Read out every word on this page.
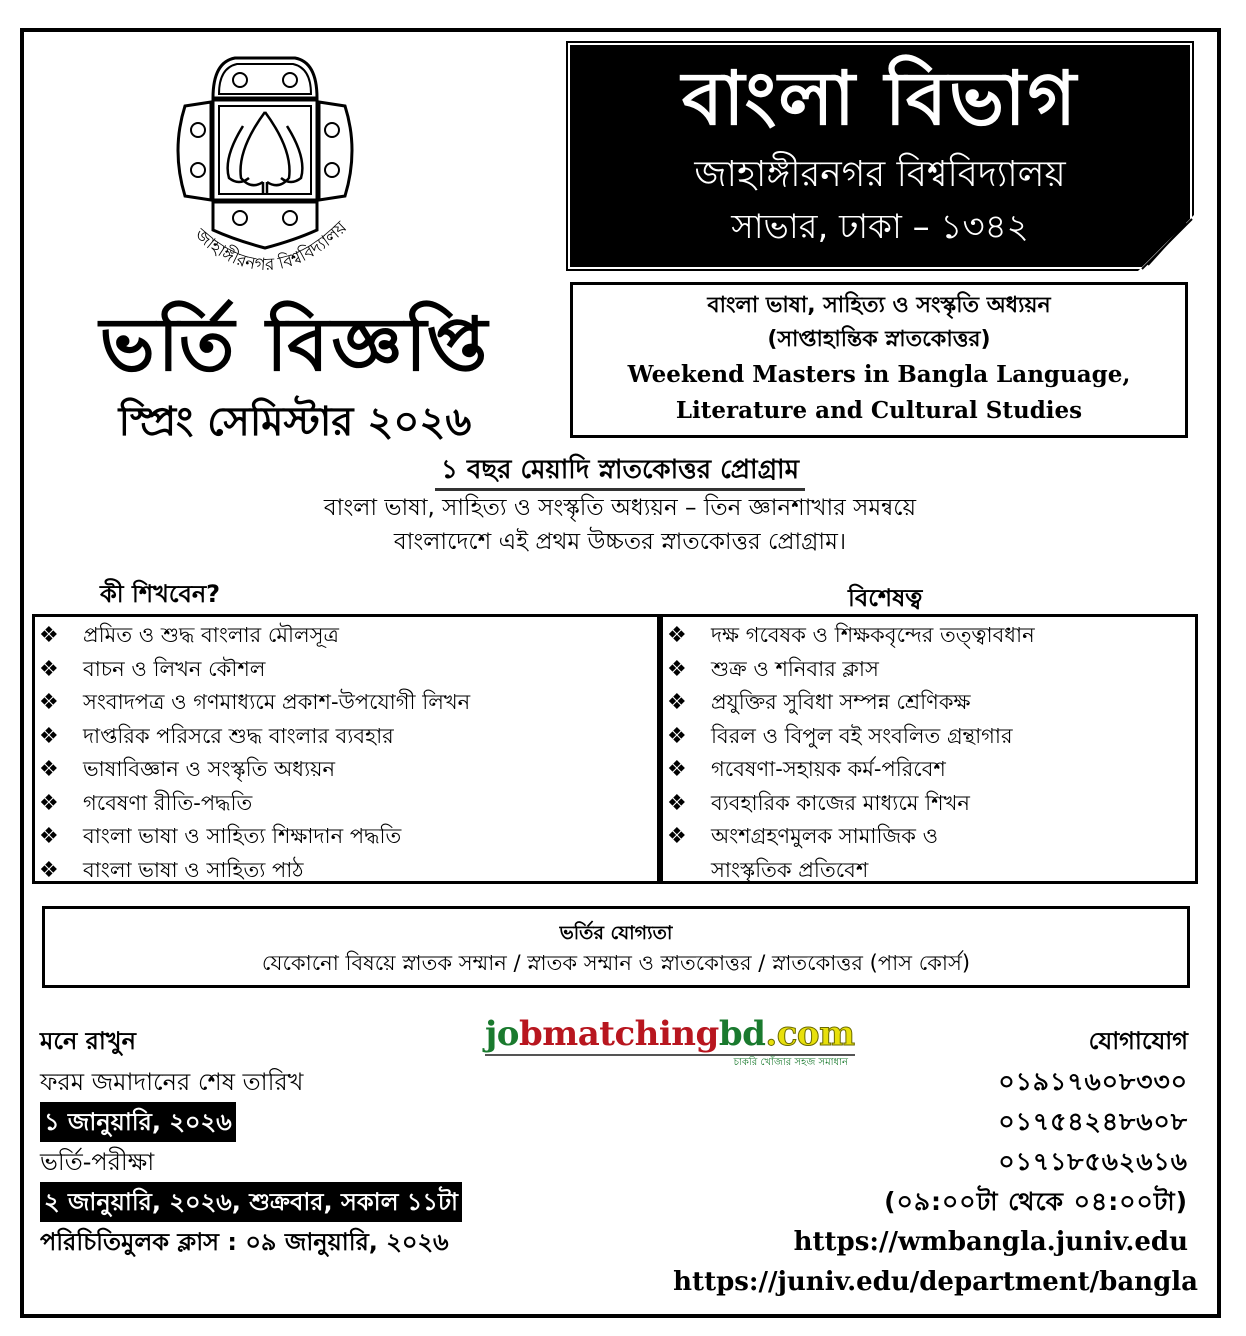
জাহাঙ্গীরনগর বিশ্ববিদ্যালয়
বাংলা বিভাগ
জাহাঙ্গীরনগর বিশ্ববিদ্যালয়
সাভার, ঢাকা – ১৩৪২
বাংলা ভাষা, সাহিত্য ও সংস্কৃতি অধ্যয়ন
(সাপ্তাহান্তিক স্নাতকোত্তর)
Weekend Masters in Bangla Language,
Literature and Cultural Studies
ভর্তি বিজ্ঞপ্তি
স্প্রিং সেমিস্টার ২০২৬
১ বছর মেয়াদি স্নাতকোত্তর প্রোগ্রাম
বাংলা ভাষা, সাহিত্য ও সংস্কৃতি অধ্যয়ন – তিন জ্ঞানশাখার সমন্বয়ে
বাংলাদেশে এই প্রথম উচ্চতর স্নাতকোত্তর প্রোগ্রাম।
কী শিখবেন?	বিশেষত্ব
❖	প্রমিত ও শুদ্ধ বাংলার মৌলসূত্র
❖	বাচন ও লিখন কৌশল
❖	সংবাদপত্র ও গণমাধ্যমে প্রকাশ-উপযোগী লিখন
❖	দাপ্তরিক পরিসরে শুদ্ধ বাংলার ব্যবহার
❖	ভাষাবিজ্ঞান ও সংস্কৃতি অধ্যয়ন
❖	গবেষণা রীতি-পদ্ধতি
❖	বাংলা ভাষা ও সাহিত্য শিক্ষাদান পদ্ধতি
❖	বাংলা ভাষা ও সাহিত্য পাঠ
❖	দক্ষ গবেষক ও শিক্ষকবৃন্দের তত্ত্বাবধান
❖	শুক্র ও শনিবার ক্লাস
❖	প্রযুক্তির সুবিধা সম্পন্ন শ্রেণিকক্ষ
❖	বিরল ও বিপুল বই সংবলিত গ্রন্থাগার
❖	গবেষণা-সহায়ক কর্ম-পরিবেশ
❖	ব্যবহারিক কাজের মাধ্যমে শিখন
❖	অংশগ্রহণমুলক সামাজিক ও
সাংস্কৃতিক প্রতিবেশ
ভর্তির যোগ্যতা
যেকোনো বিষয়ে স্নাতক সম্মান / স্নাতক সম্মান ও স্নাতকোত্তর / স্নাতকোত্তর (পাস কোর্স)
মনে রাখুন
ফরম জমাদানের শেষ তারিখ
১ জানুয়ারি, ২০২৬
ভর্তি-পরীক্ষা
২ জানুয়ারি, ২০২৬, শুক্রবার, সকাল ১১টা
পরিচিতিমুলক ক্লাস : ০৯ জানুয়ারি, ২০২৬
jobmatchingbd.com
চাকরি খোঁজার সহজ সমাধান
যোগাযোগ
০১৯১৭৬০৮৩৩০
০১৭৫৪২৪৮৬০৮
০১৭১৮৫৬২৬১৬
(০৯:০০টা থেকে ০৪:০০টা)
https://wmbangla.juniv.edu
https://juniv.edu/department/bangla
